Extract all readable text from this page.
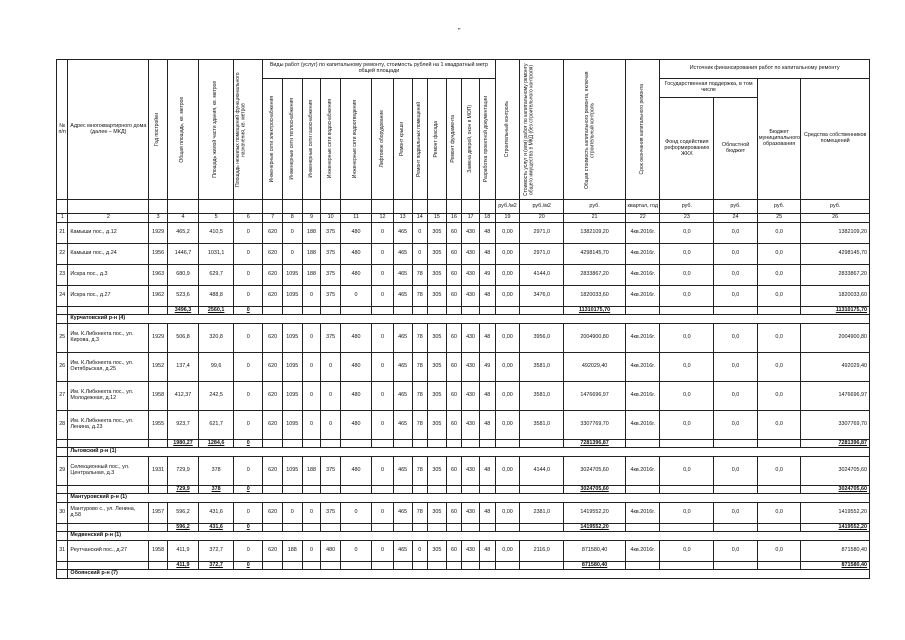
"
№ п/п	Адрес многоквартирного дома (далее – МКД)	Год постройки	Общая площадь, кв. метров	Площадь жилой части здания, кв. метров	Площадь нежилых помещений функционального назначения, кв. метров	Виды работ (услуг) по капитальному ремонту, стоимость рублей на 1 квадратный метр общей площади												Строительный контроль	Стоимость услуг и (или) работ по капитальному ремонту общего имущества в МКД (без строительного контроля)	Общая стоимость капитального ремонта, включая строительный контроль	Срок окончания капитального ремонта	Источник финансирования работ по капитальному ремонту			

						Инженерные сети электроснабжения	Инженерные сети теплоснабжения	Инженерные сети газоснабжения	Инженерные сети водоснабжения	Инженерные сети водоотведения	Лифтовое оборудование	Ремонт крыши	Ремонт подвальных помещений	Ремонт фасада	Ремонт фундамента	Замена дверей, окон в МОП)	Разработка проектной документации					Государственная поддержка, в том числе		Бюджет муниципального образования	Средства собственников помещений
																						Фонд содействия реформированию ЖКХ	Областной бюджет		
																		руб./м2	руб./м2	руб.	квартал, год	руб.	руб.	руб.	руб.
1	2	3	4	5	6	7	8	9	10	11	12	13	14	15	16	17	18	19	20	21	22	23	24	25	26
21	Камыши пос., д.12	1929	465,2	410,5	0	620	0	188	375	480	0	465	0	305	60	430	48	0,00	2971,0	1382109,20	4кв.2016г.	0,0	0,0	0,0	1382109,20
22	Камыши пос., д.24	1956	1446,7	1031,1	0	620	0	188	375	480	0	465	0	305	60	430	48	0,00	2971,0	4298145,70	4кв.2016г.	0,0	0,0	0,0	4298145,70
23	Искра пос., д.3	1963	680,9	629,7	0	620	1095	188	375	480	0	465	78	305	60	430	49	0,00	4144,0	2833867,20	4кв.2016г.	0,0	0,0	0,0	2833867,20
24	Искра пос., д.27	1962	523,6	488,8	0	620	1095	0	375	0	0	465	78	305	60	430	48	0,00	3476,0	1820033,60	4кв.2016г.	0,0	0,0	0,0	1820033,60
			3496,3	2560,1	0															11310175,70					11310175,70
	Курчатовский р-н (4)																								
25	Им. К.Либкнехта пос., ул. Кирова, д.3	1929	506,8	320,8	0	620	1095	0	375	480	0	465	78	305	60	430	48	0,00	3956,0	2004900,80	4кв.2016г.	0,0	0,0	0,0	2004900,80
26	Им. К.Либкнехта пос., ул. Октябрьская, д.25	1952	137,4	99,6	0	620	1095	0	0	480	0	465	78	305	60	430	49	0,00	3581,0	492029,40	4кв.2016г.	0,0	0,0	0,0	492029,40
27	Им. К.Либкнехта пос., ул. Молодежная, д.12	1958	412,37	242,5	0	620	1095	0	0	480	0	465	78	305	60	430	48	0,00	3581,0	1476696,97	4кв.2016г.	0,0	0,0	0,0	1476696,97
28	Им. К.Либкнехта пос., ул. Ленина, д.23	1955	923,7	621,7	0	620	1095	0	0	480	0	465	78	305	60	430	48	0,00	3581,0	3307769,70	4кв.2016г.	0,0	0,0	0,0	3307769,70
			1980,27	1284,6	0															7281396,87					7281396,87
	Льговский р-н (1)																								
29	Селекционный пос., ул. Центральная, д.3	1931	729,9	378	0	620	1095	188	375	480	0	465	78	305	60	430	48	0,00	4144,0	3024705,60	4кв.2016г.	0,0	0,0	0,0	3024705,60
			729,9	378	0															3024705,60					3024705,60
	Мантуровский р-н (1)																								
30	Мантурово с., ул. Ленина, д.58	1957	596,2	431,6	0	620	0	0	375	0	0	465	78	305	60	430	48	0,00	2381,0	1419552,20	4кв.2016г.	0,0	0,0	0,0	1419552,20
			596,2	431,6	0															1419552,20					1419552,20
	Медвенский р-н (1)																								
31	Реутчанский пос., д.27	1958	411,9	372,7	0	620	188	0	480	0	0	465	0	305	60	430	48	0,00	2116,0	871580,40	4кв.2016г.	0,0	0,0	0,0	871580,40
			411,9	372,7	0															871580,40					871580,40
	Обоянский р-н (7)																								
